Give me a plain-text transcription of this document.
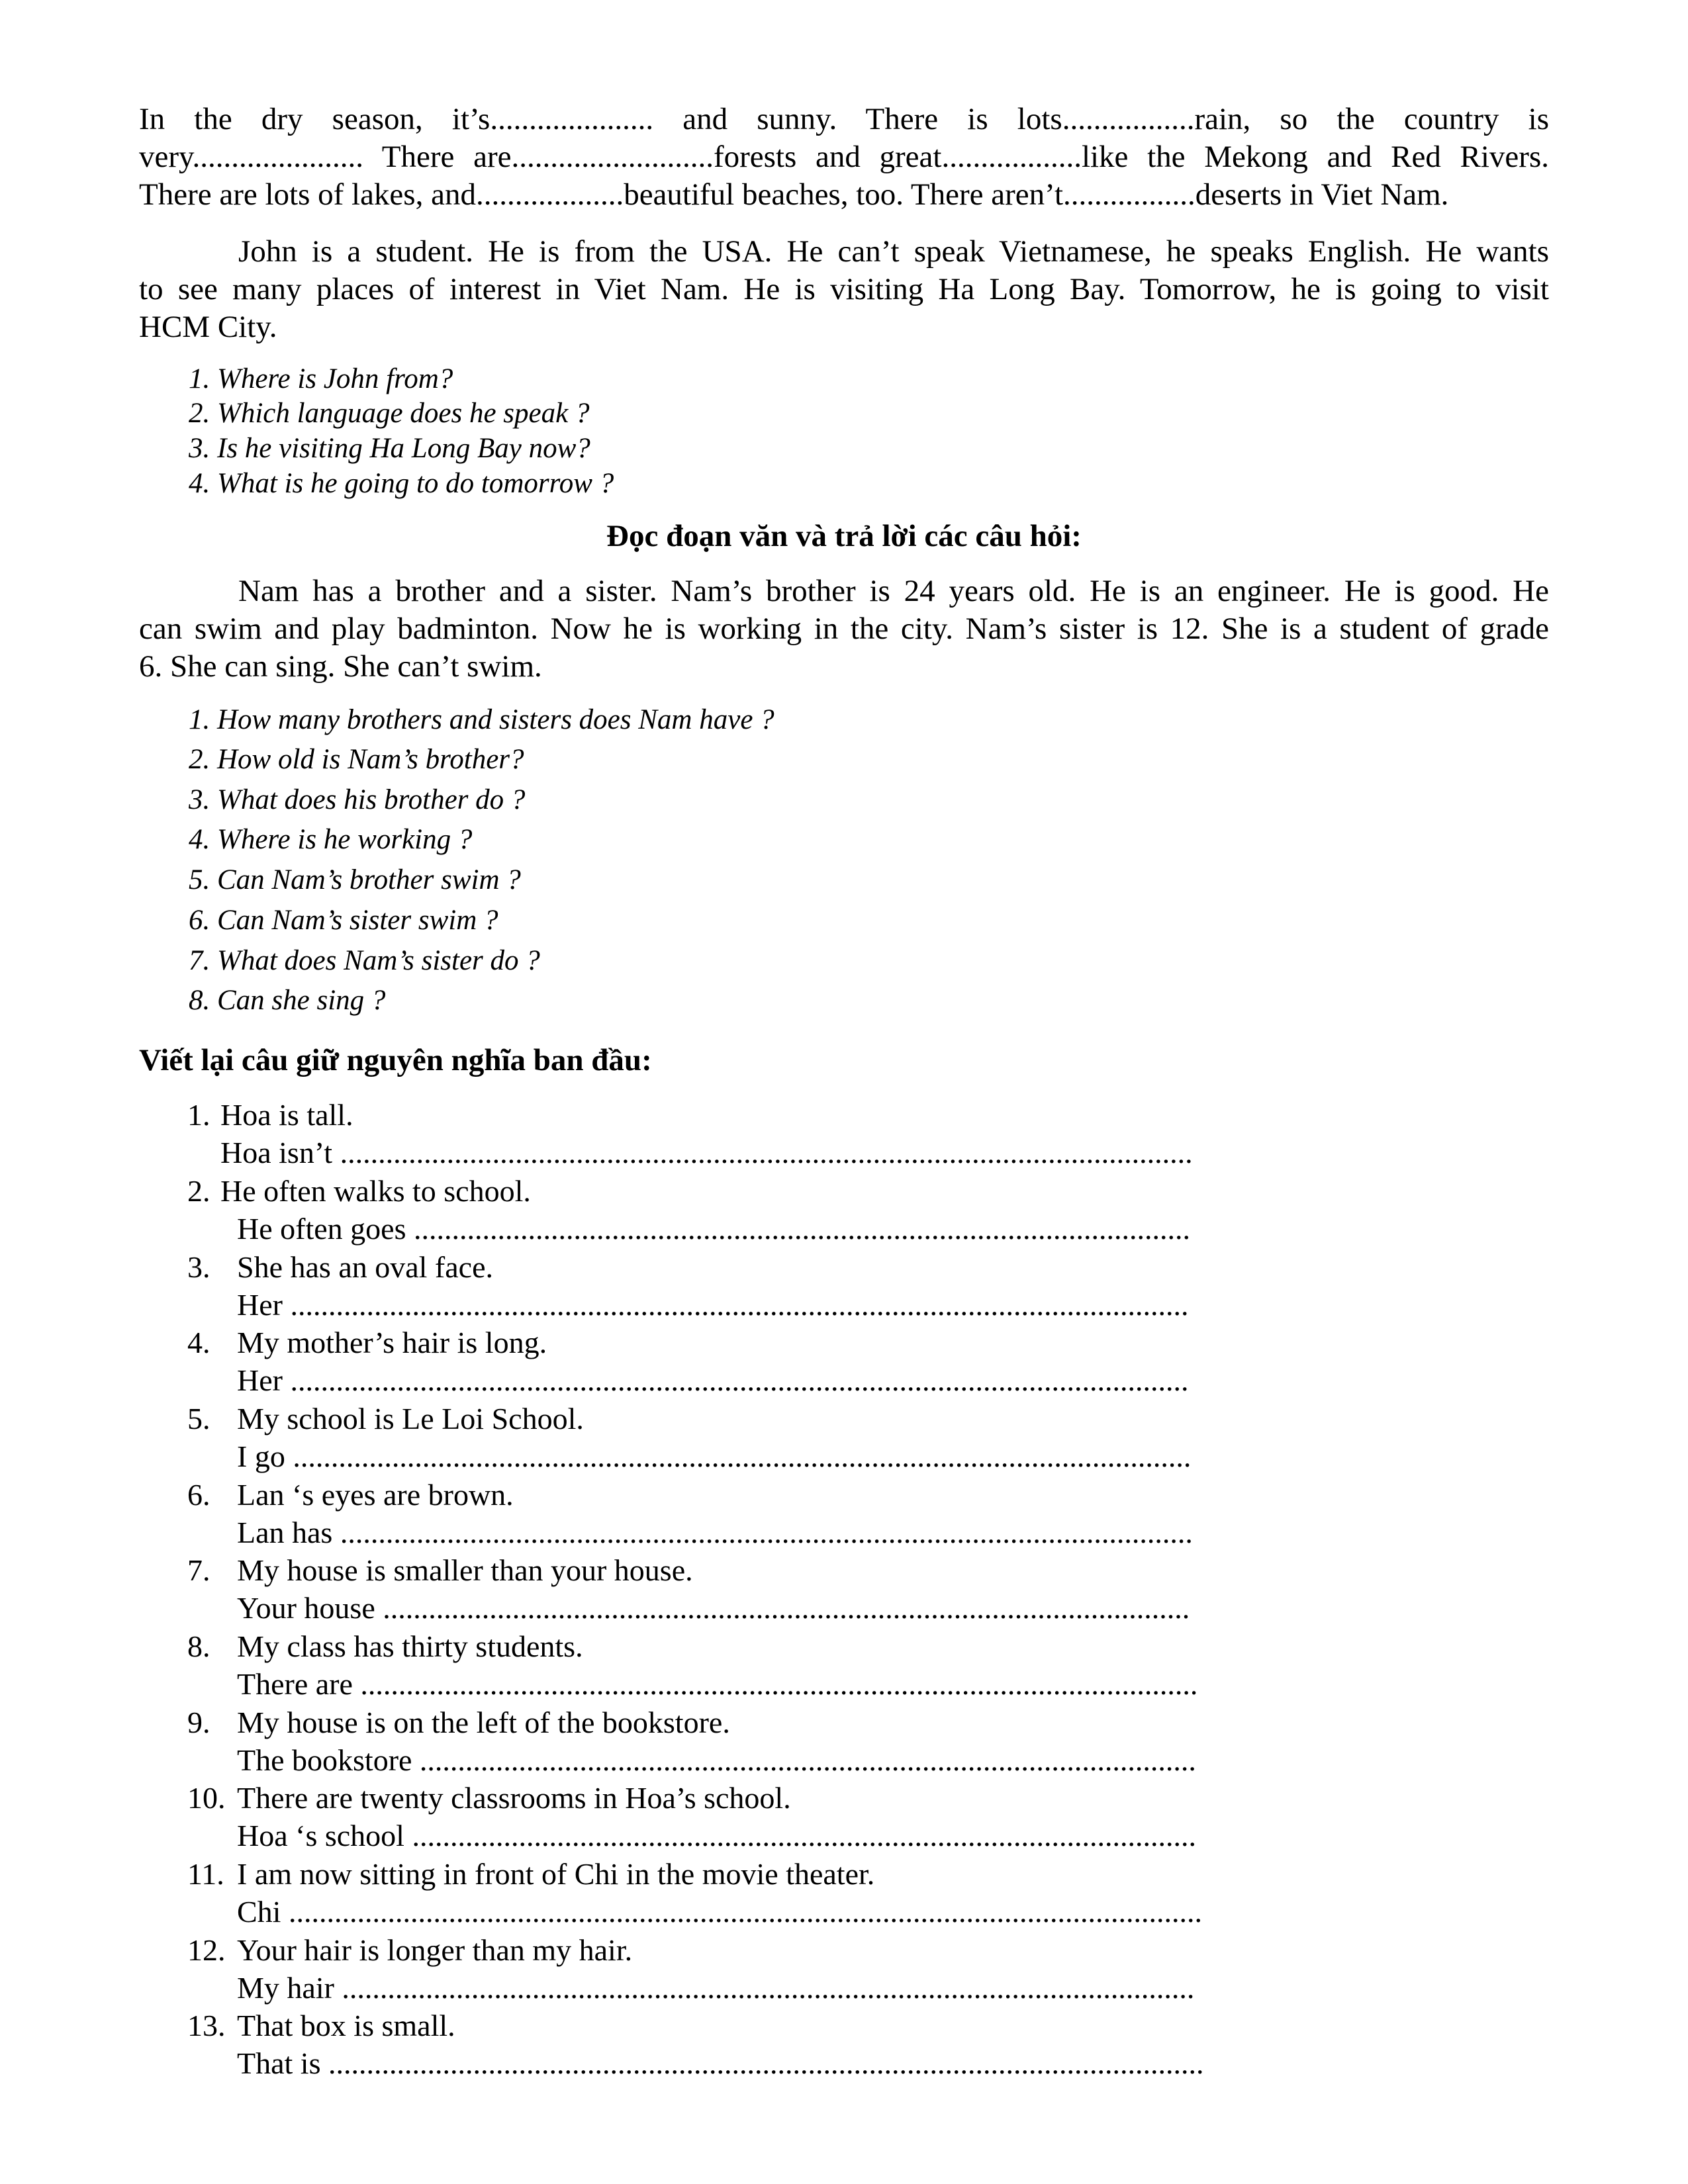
In the dry season, it’s..................... and sunny. There is lots.................rain, so the country is
very...................... There are..........................forests and great..................like the Mekong and Red Rivers.
There are lots of lakes, and...................beautiful beaches, too. There aren’t.................deserts in Viet Nam.
John is a student. He is from the USA. He can’t speak Vietnamese, he speaks English. He wants
to see many places of interest in Viet Nam. He is visiting Ha Long Bay. Tomorrow, he is going to visit
HCM City.
1. Where is John from?
2. Which language does he speak ?
3. Is he visiting Ha Long Bay now?
4. What is he going to do tomorrow ?
Đọc đoạn văn và trả lời các câu hỏi:
Nam has a brother and a sister. Nam’s brother is 24 years old. He is an engineer. He is good. He
can swim and play badminton. Now he is working in the city. Nam’s sister is 12. She is a student of grade
6. She can sing. She can’t swim.
1. How many brothers and sisters does Nam have ?
2. How old is Nam’s brother?
3. What does his brother do ?
4. Where is he working ?
5. Can Nam’s brother swim ?
6. Can Nam’s sister swim ?
7. What does Nam’s sister do ?
8. Can she sing ?
Viết lại câu giữ nguyên nghĩa ban đầu:
1. Hoa is tall.
Hoa isn’t ................................................................................................................
2. He often walks to school.
He often goes ......................................................................................................
3. She has an oval face.
Her ......................................................................................................................
4. My mother’s hair is long.
Her ......................................................................................................................
5. My school is Le Loi School.
I go ......................................................................................................................
6. Lan ‘s eyes are brown.
Lan has ................................................................................................................
7. My house is smaller than your house.
Your house ..........................................................................................................
8. My class has thirty students.
There are ..............................................................................................................
9. My house is on the left of the bookstore.
The bookstore ......................................................................................................
10. There are twenty classrooms in Hoa’s school.
Hoa ‘s school .......................................................................................................
11. I am now sitting in front of Chi in the movie theater.
Chi ........................................................................................................................
12. Your hair is longer than my hair.
My hair ................................................................................................................
13. That box is small.
That is ...................................................................................................................
